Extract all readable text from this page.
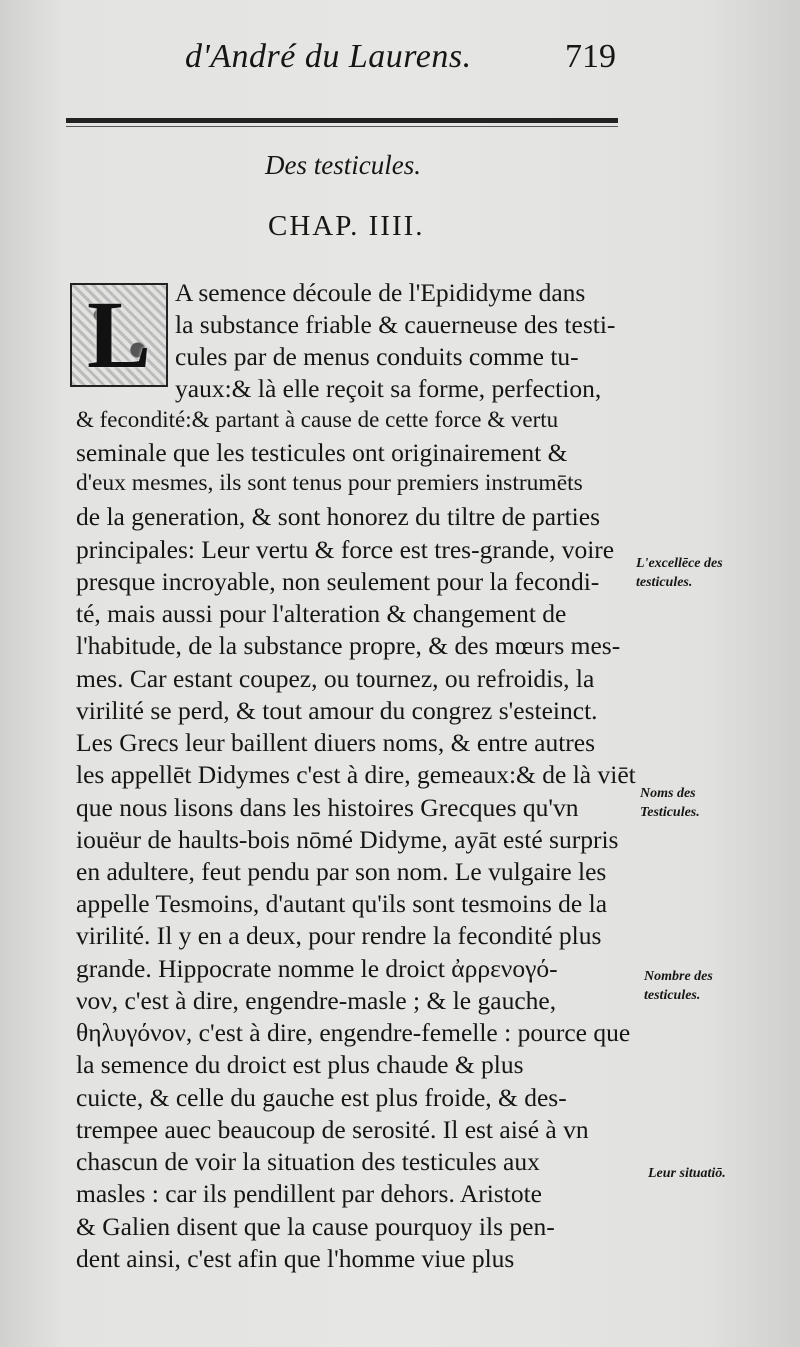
d'André du Laurens.	719
Des testicules.
CHAP. IIII.
L A semence découle de l'Epididyme dans
la substance friable & cauerneuse des testi-
cules par de menus conduits comme tu-
yaux:& là elle reçoit sa forme, perfection,
& fecondité:& partant à cause de cette force & vertu
seminale que les testicules ont originairement &
d'eux mesmes, ils sont tenus pour premiers instrumēts
de la generation, & sont honorez du tiltre de parties
principales: Leur vertu & force est tres-grande, voire
presque incroyable, non seulement pour la fecondi-
té, mais aussi pour l'alteration & changement de
l'habitude, de la substance propre, & des mœurs mes-
mes. Car estant coupez, ou tournez, ou refroidis, la
virilité se perd, & tout amour du congrez s'esteinct.
Les Grecs leur baillent diuers noms, & entre autres
les appellēt Didymes c'est à dire, gemeaux:& de là viēt
que nous lisons dans les histoires Grecques qu'vn
iouëur de haults-bois nōmé Didyme, ayāt esté surpris
en adultere, feut pendu par son nom. Le vulgaire les
appelle Tesmoins, d'autant qu'ils sont tesmoins de la
virilité. Il y en a deux, pour rendre la fecondité plus
grande. Hippocrate nomme le droict ἀρρενογό-
νον, c'est à dire, engendre-masle ; & le gauche,
θηλυγόνον, c'est à dire, engendre-femelle : pource que
la semence du droict est plus chaude & plus
cuicte, & celle du gauche est plus froide, & des-
trempee auec beaucoup de serosité. Il est aisé à vn
chascun de voir la situation des testicules aux
masles : car ils pendillent par dehors. Aristote
& Galien disent que la cause pourquoy ils pen-
dent ainsi, c'est afin que l'homme viue plus
L'excellēce des
testicules.
Noms des
Testicules.
Nombre des
testicules.
Leur situatiō.
